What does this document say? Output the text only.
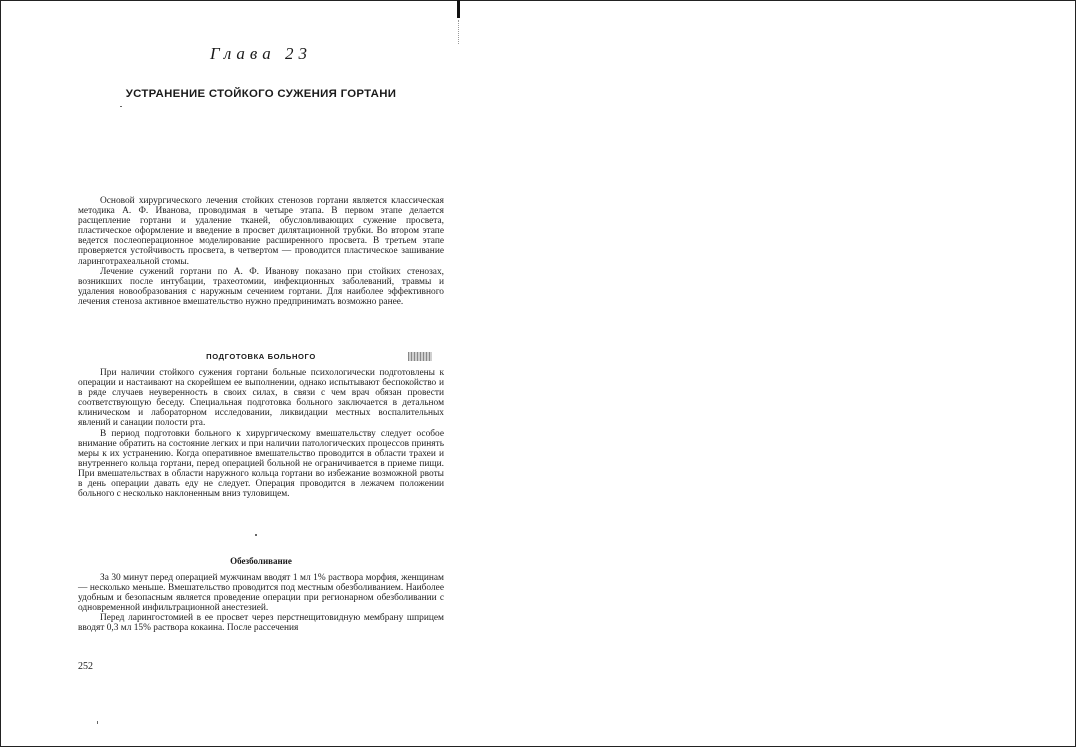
Глава 23
УСТРАНЕНИЕ СТОЙКОГО СУЖЕНИЯ ГОРТАНИ

Основой хирургического лечения стойких стенозов гортани является классическая методика А. Ф. Иванова, проводимая в четыре этапа. В первом этапе делается расщепление гортани и удаление тканей, обусловливающих сужение просвета, пластическое оформление и введение в просвет дилятационной трубки. Во втором этапе ведется послеоперационное моделирование расширенного просвета. В третьем этапе проверяется устойчивость просвета, в четвертом — проводится пластическое зашивание ларинготрахеальной стомы.

Лечение сужений гортани по А. Ф. Иванову показано при стойких стенозах, возникших после интубации, трахеотомии, инфекционных заболеваний, травмы и удаления новообразования с наружным сечением гортани. Для наиболее эффективного лечения стеноза активное вмешательство нужно предпринимать возможно ранее.

ПОДГОТОВКА БОЛЬНОГО

При наличии стойкого сужения гортани больные психологически подготовлены к операции и настаивают на скорейшем ее выполнении, однако испытывают беспокойство и в ряде случаев неуверенность в своих силах, в связи с чем врач обязан провести соответствующую беседу. Специальная подготовка больного заключается в детальном клиническом и лабораторном исследовании, ликвидации местных воспалительных явлений и санации полости рта.

В период подготовки больного к хирургическому вмешательству следует особое внимание обратить на состояние легких и при наличии патологических процессов принять меры к их устранению. Когда оперативное вмешательство проводится в области трахеи и внутреннего кольца гортани, перед операцией больной не ограничивается в приеме пищи. При вмешательствах в области наружного кольца гортани во избежание возможной рвоты в день операции давать еду не следует. Операция проводится в лежачем положении больного с несколько наклоненным вниз туловищем.

Обезболивание

За 30 минут перед операцией мужчинам вводят 1 мл 1% раствора морфия, женщинам — несколько меньше. Вмешательство проводится под местным обезболиванием. Наиболее удобным и безопасным является проведение операции при регионарном обезболивании с одновременной инфильтрационной анестезией.

Перед ларингостомией в ее просвет через перстнещитовидную мембрану шприцем вводят 0,3 мл 15% раствора кокаина. После рассечения

252
